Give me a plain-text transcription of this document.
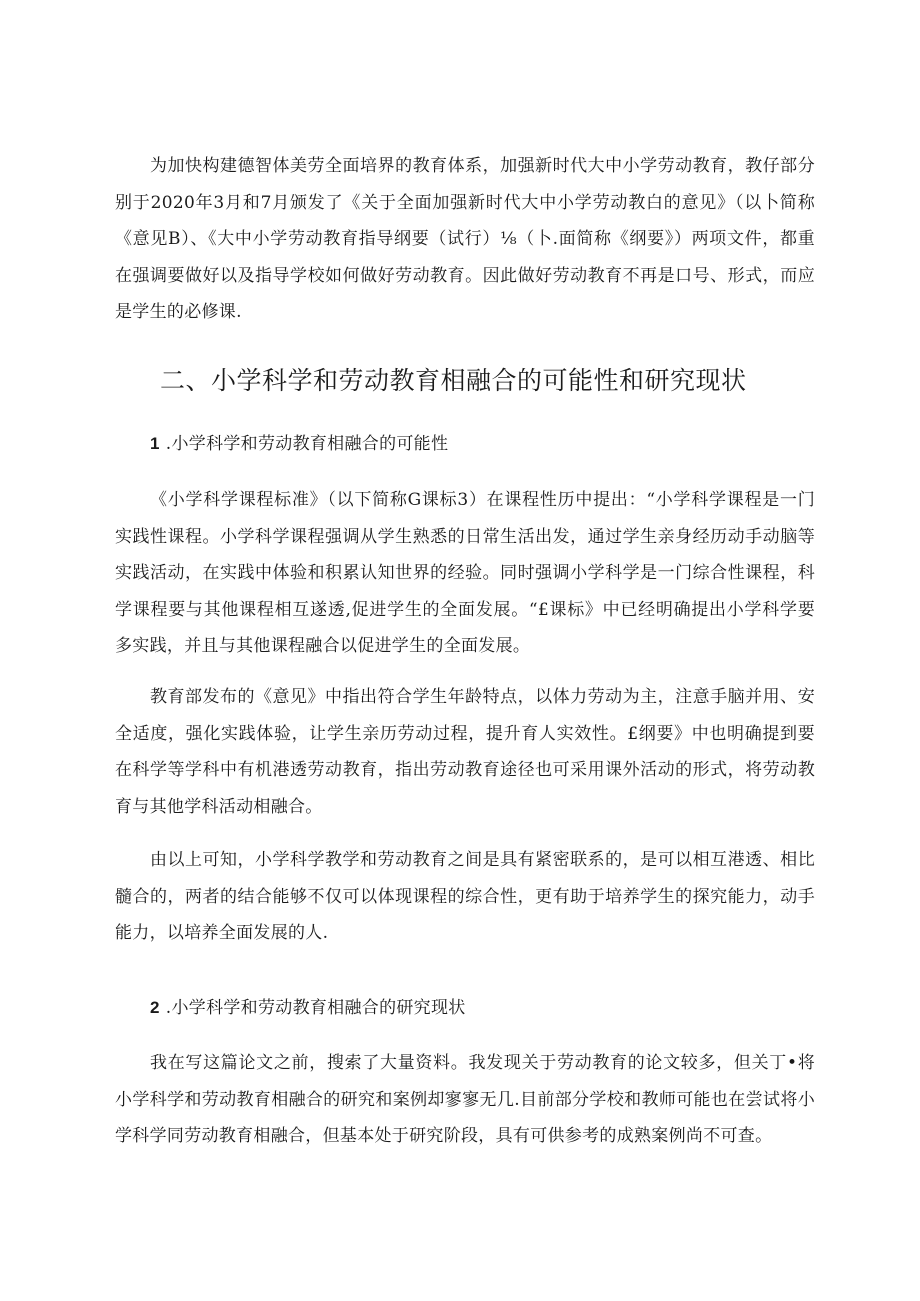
为加快构建德智体美劳全面培界的教育体系，加强新时代大中小学劳动教育，教仔部分别于2020年3月和7月颁发了《关于全面加强新时代大中小学劳动教白的意见》（以卜简称《意见B）、《大中小学劳动教育指导纲要（试行）⅛（卜.面简称《纲要》）两项文件，都重在强调要做好以及指导学校如何做好劳动教育。因此做好劳动教育不再是口号、形式，而应是学生的必修课.

二、小学科学和劳动教育相融合的可能性和研究现状
1 .小学科学和劳动教育相融合的可能性

《小学科学课程标准》（以下简称G课标3）在课程性历中提出：“小学科学课程是一门实践性课程。小学科学课程强调从学生熟悉的日常生活出发，通过学生亲身经历动手动脑等实践活动，在实践中体验和积累认知世界的经验。同时强调小学科学是一门综合性课程，科学课程要与其他课程相互遂透,促进学生的全面发展。“£课标》中已经明确提出小学科学要多实践，并且与其他课程融合以促进学生的全面发展。

教育部发布的《意见》中指出符合学生年龄特点，以体力劳动为主，注意手脑并用、安全适度，强化实践体验，让学生亲历劳动过程，提升育人实效性。£纲要》中也明确提到要在科学等学科中有机港透劳动教育，指出劳动教育途径也可采用课外活动的形式，将劳动教育与其他学科活动相融合。

由以上可知，小学科学教学和劳动教育之间是具有紧密联系的，是可以相互港透、相比髓合的，两者的结合能够不仅可以体现课程的综合性，更有助于培养学生的探究能力，动手能力，以培养全面发展的人.

2 .小学科学和劳动教育相融合的研究现状

我在写这篇论文之前，搜索了大量资料。我发现关于劳动教育的论文较多，但关丁•将小学科学和劳动教育相融合的研究和案例却寥寥无几.目前部分学校和教师可能也在尝试将小学科学同劳动教育相融合，但基本处于研究阶段，具有可供参考的成熟案例尚不可查。
